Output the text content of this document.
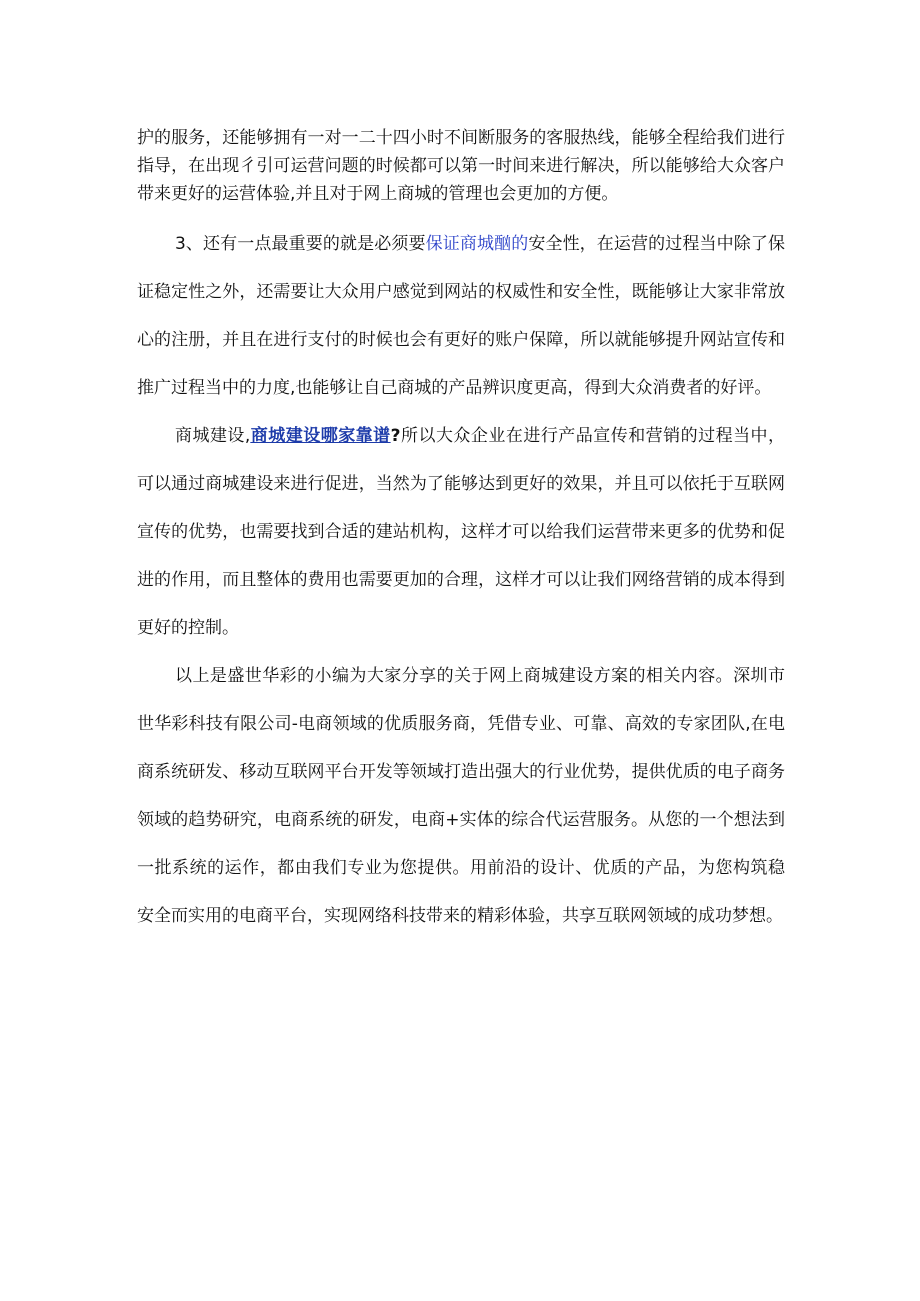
护的服务，还能够拥有一对一二十四小时不间断服务的客服热线，能够全程给我们进行
指导，在出现彳引可运营问题的时候都可以第一时间来进行解决，所以能够给大众客户
带来更好的运营体验,并且对于网上商城的管理也会更加的方便。
3、还有一点最重要的就是必须要保证商城酗的安全性，在运营的过程当中除了保
证稳定性之外，还需要让大众用户感觉到网站的权威性和安全性，既能够让大家非常放
心的注册，并且在进行支付的时候也会有更好的账户保障，所以就能够提升网站宣传和
推广过程当中的力度,也能够让自己商城的产品辨识度更高，得到大众消费者的好评。
商城建设,商城建设哪家靠谱?所以大众企业在进行产品宣传和营销的过程当中，
可以通过商城建设来进行促进，当然为了能够达到更好的效果，并且可以依托于互联网
宣传的优势，也需要找到合适的建站机构，这样才可以给我们运营带来更多的优势和促
进的作用，而且整体的费用也需要更加的合理，这样才可以让我们网络营销的成本得到
更好的控制。
以上是盛世华彩的小编为大家分享的关于网上商城建设方案的相关内容。深圳市
世华彩科技有限公司-电商领域的优质服务商，凭借专业、可靠、高效的专家团队,在电
商系统研发、移动互联网平台开发等领域打造出强大的行业优势，提供优质的电子商务
领域的趋势研究，电商系统的研发，电商+实体的综合代运营服务。从您的一个想法到
一批系统的运作，都由我们专业为您提供。用前沿的设计、优质的产品，为您构筑稳
安全而实用的电商平台，实现网络科技带来的精彩体验，共享互联网领域的成功梦想。
